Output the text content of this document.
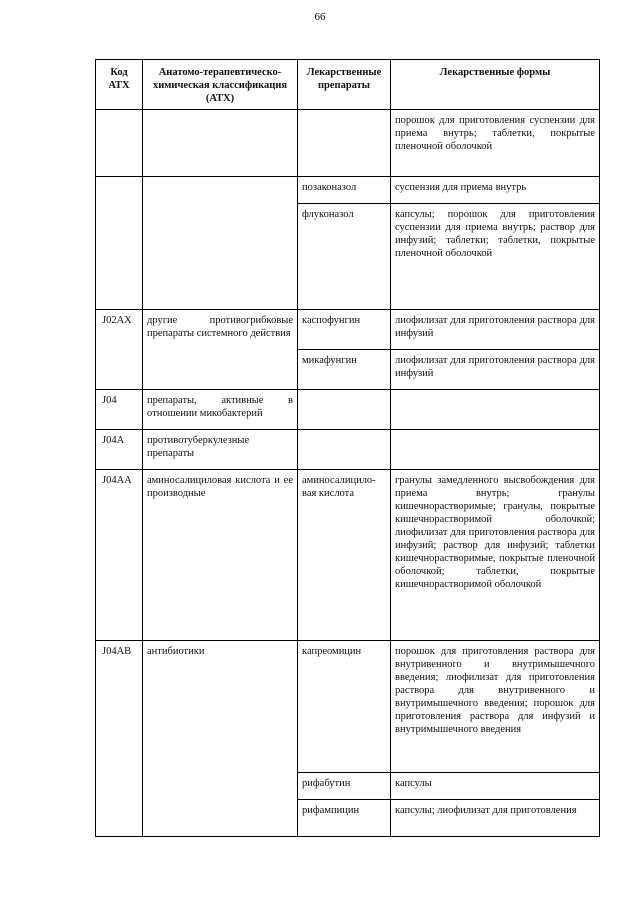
66
Код АТХ	Анатомо-терапевтическо-химическая классификация (АТХ)	Лекарственные препараты	Лекарственные формы
			порошок для приготовления суспензии для приема внутрь; таблетки, покрытые пленочной оболочкой
		позаконазол	суспензия для приема внутрь
		флуконазол	капсулы; порошок для приготовления суспензии для приема внутрь; раствор для инфузий; таблетки; таблетки, покрытые пленочной оболочкой
J02AX	другие противогрибковые препараты системного действия	каспофунгин	лиофилизат для приготовления раствора для инфузий
		микафунгин	лиофилизат для приготовления раствора для инфузий
J04	препараты, активные в отношении микобактерий		
J04A	противотуберкулезные препараты		
J04AA	аминосалициловая кислота и ее производные	аминосалицило-вая кислота	гранулы замедленного высвобождения для приема внутрь; гранулы кишечнорастворимые; гранулы, покрытые кишечнорастворимой оболочкой; лиофилизат для приготовления раствора для инфузий; раствор для инфузий; таблетки кишечнорастворимые, покрытые пленочной оболочкой; таблетки, покрытые кишечнорастворимой оболочкой
J04AB	антибиотики	капреомицин	порошок для приготовления раствора для внутривенного и внутримышечного введения; лиофилизат для приготовления раствора для внутривенного и внутримышечного введения; порошок для приготовления раствора для инфузий и внутримышечного введения
		рифабутин	капсулы
		рифампицин	капсулы; лиофилизат для приготовления
